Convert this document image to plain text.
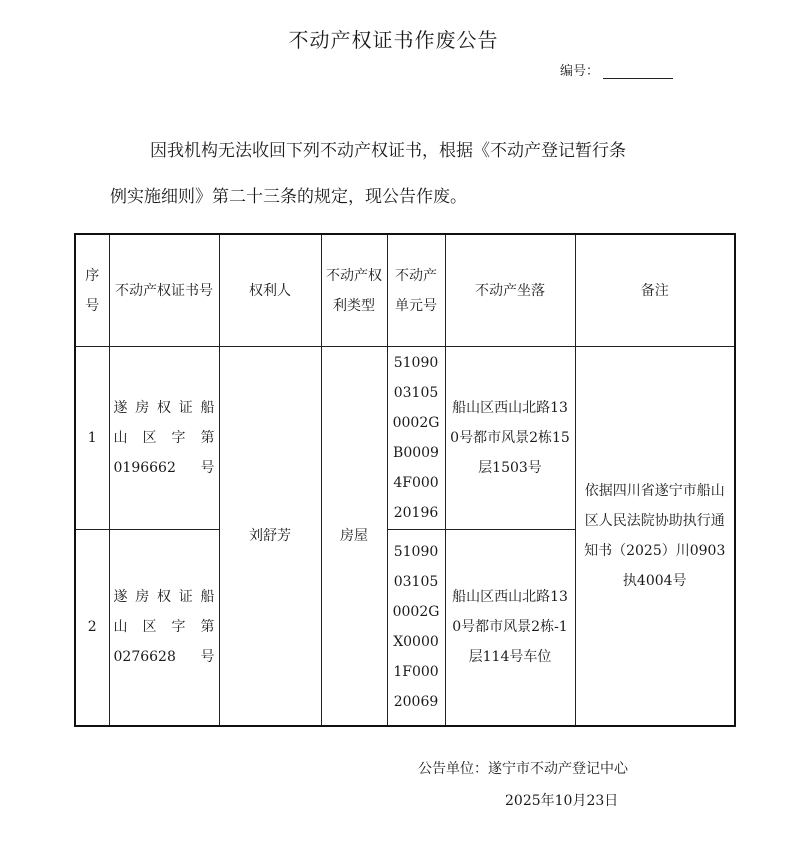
不动产权证书作废公告
编号：
因我机构无法收回下列不动产权证书，根据《不动产登记暂行条
例实施细则》第二十三条的规定，现公告作废。
序号	不动产权证书号	权利人	不动产权利类型	不动产单元号	不动产坐落	备注
1	遂房权证船
山区字第
0196662号	刘舒芳	房屋	51090031050002GB00094F00020196	船山区西山北路130号都市风景2栋15层1503号	依据四川省遂宁市船山区人民法院协助执行通知书（2025）川0903执4004号
2	遂房权证船
山区字第
0276628号			51090031050002GX00001F00020069	船山区西山北路130号都市风景2栋-1层114号车位	
公告单位：遂宁市不动产登记中心
2025年10月23日
